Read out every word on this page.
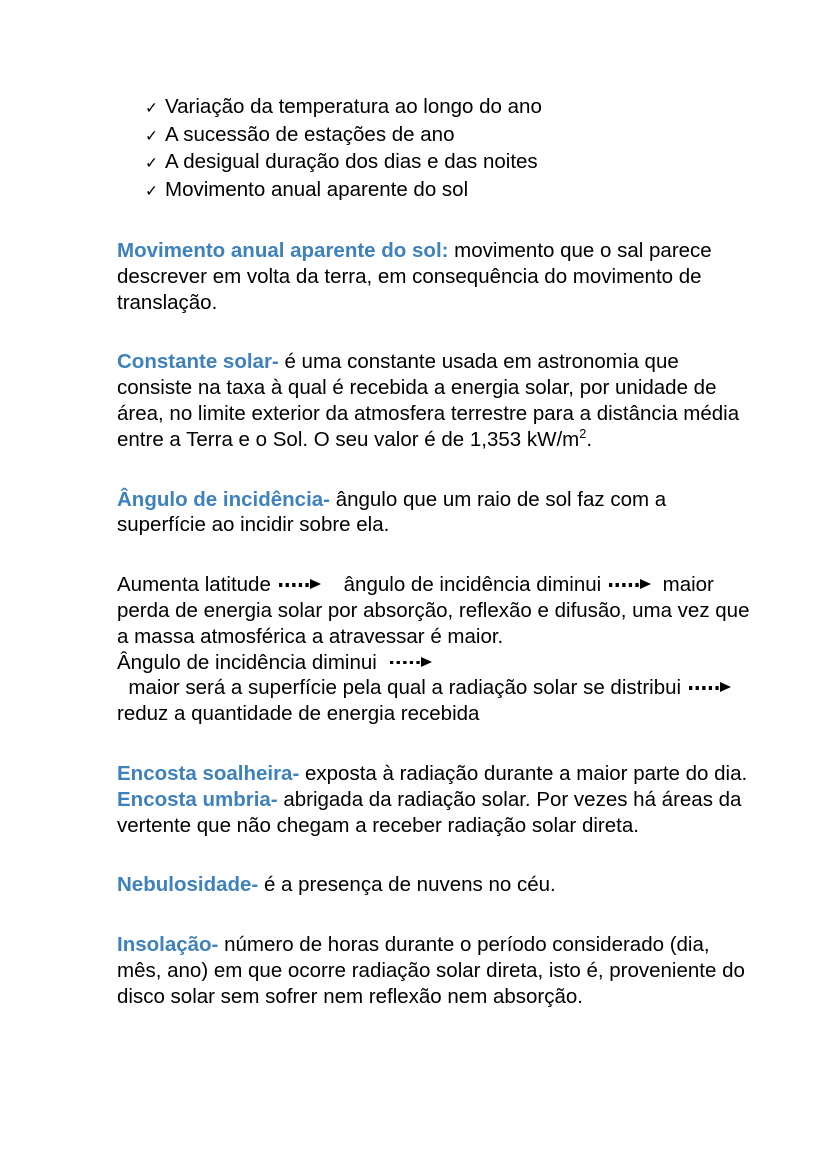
✓ Variação da temperatura ao longo do ano
✓ A sucessão de estações de ano
✓ A desigual duração dos dias e das noites
✓ Movimento anual aparente do sol

Movimento anual aparente do sol: movimento que o sal parece descrever em volta da terra, em consequência do movimento de translação.

Constante solar- é uma constante usada em astronomia que consiste na taxa à qual é recebida a energia solar, por unidade de área, no limite exterior da atmosfera terrestre para a distância média entre a Terra e o Sol. O seu valor é de 1,353 $kW/m^2$.

Ângulo de incidência- ângulo que um raio de sol faz com a superfície ao incidir sobre ela.

Aumenta latitude	ângulo de incidência diminui	maior perda de energia solar por absorção, reflexão e difusão, uma vez que a massa atmosférica a atravessar é maior.

Ângulo de incidência diminui
maior será a superfície pela qual a radiação solar se distribui
reduz a quantidade de energia recebida

Encosta soalheira- exposta à radiação durante a maior parte do dia.

Encosta umbria- abrigada da radiação solar. Por vezes há áreas da vertente que não chegam a receber radiação solar direta.

Nebulosidade- é a presença de nuvens no céu.

Insolação- número de horas durante o período considerado (dia, mês, ano) em que ocorre radiação solar direta, isto é, proveniente do disco solar sem sofrer nem reflexão nem absorção.
